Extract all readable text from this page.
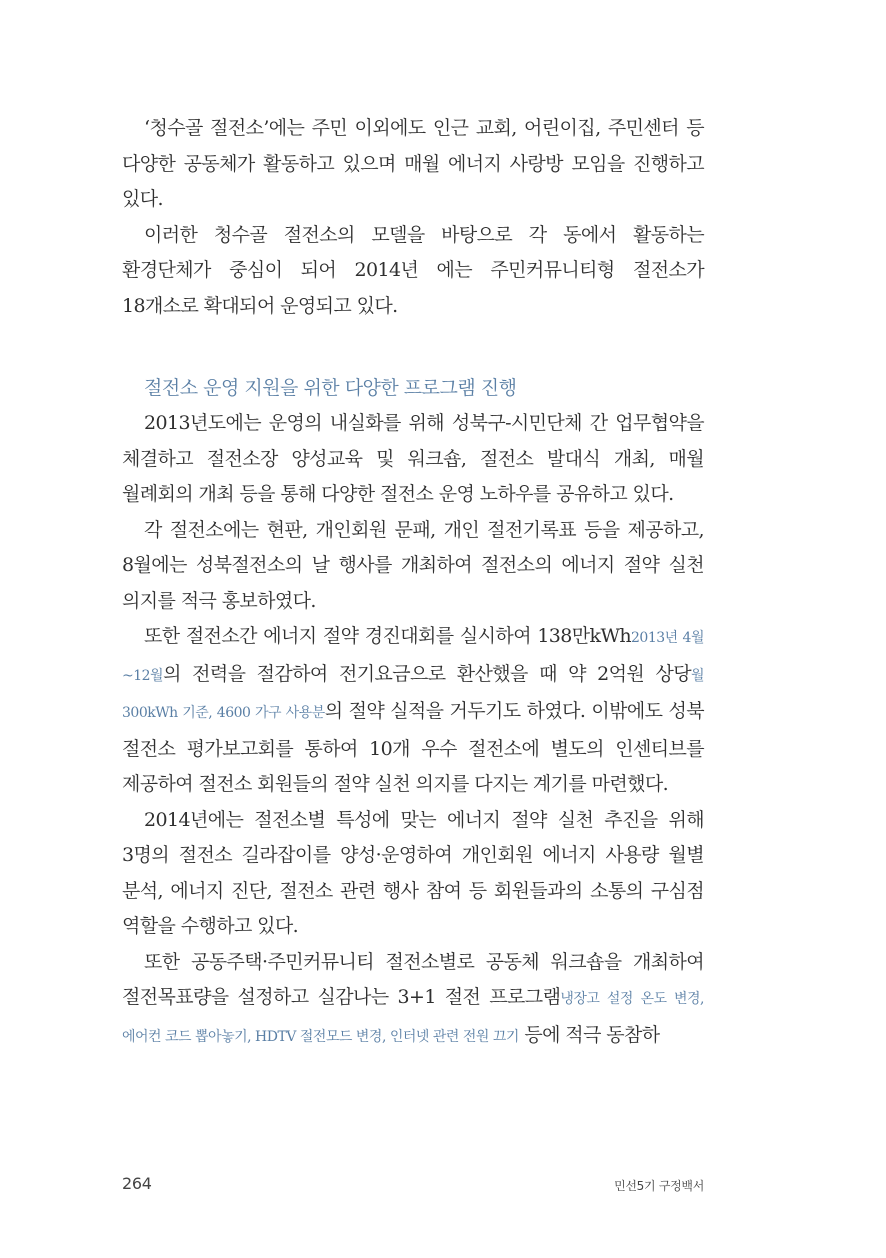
‘청수골 절전소’에는 주민 이외에도 인근 교회, 어린이집, 주민센터 등 다양한 공동체가 활동하고 있으며 매월 에너지 사랑방 모임을 진행하고 있다.

이러한 청수골 절전소의 모델을 바탕으로 각 동에서 활동하는 환경단체가 중심이 되어 2014년 에는 주민커뮤니티형 절전소가 18개소로 확대되어 운영되고 있다.

절전소 운영 지원을 위한 다양한 프로그램 진행

2013년도에는 운영의 내실화를 위해 성북구-시민단체 간 업무협약을 체결하고 절전소장 양성교육 및 워크숍, 절전소 발대식 개최, 매월 월례회의 개최 등을 통해 다양한 절전소 운영 노하우를 공유하고 있다.

각 절전소에는 현판, 개인회원 문패, 개인 절전기록표 등을 제공하고, 8월에는 성북절전소의 날 행사를 개최하여 절전소의 에너지 절약 실천 의지를 적극 홍보하였다.

또한 절전소간 에너지 절약 경진대회를 실시하여 138만kWh2013년 4월~12월의 전력을 절감하여 전기요금으로 환산했을 때 약 2억원 상당월 300kWh 기준, 4600 가구 사용분의 절약 실적을 거두기도 하였다. 이밖에도 성북 절전소 평가보고회를 통하여 10개 우수 절전소에 별도의 인센티브를 제공하여 절전소 회원들의 절약 실천 의지를 다지는 계기를 마련했다.

2014년에는 절전소별 특성에 맞는 에너지 절약 실천 추진을 위해 3명의 절전소 길라잡이를 양성·운영하여 개인회원 에너지 사용량 월별 분석, 에너지 진단, 절전소 관련 행사 참여 등 회원들과의 소통의 구심점 역할을 수행하고 있다.

또한 공동주택·주민커뮤니티 절전소별로 공동체 워크숍을 개최하여 절전목표량을 설정하고 실감나는 3+1 절전 프로그램냉장고 설정 온도 변경, 에어컨 코드 뽑아놓기, HDTV 절전모드 변경, 인터넷 관련 전원 끄기 등에 적극 동참하

264	민선5기 구정백서
